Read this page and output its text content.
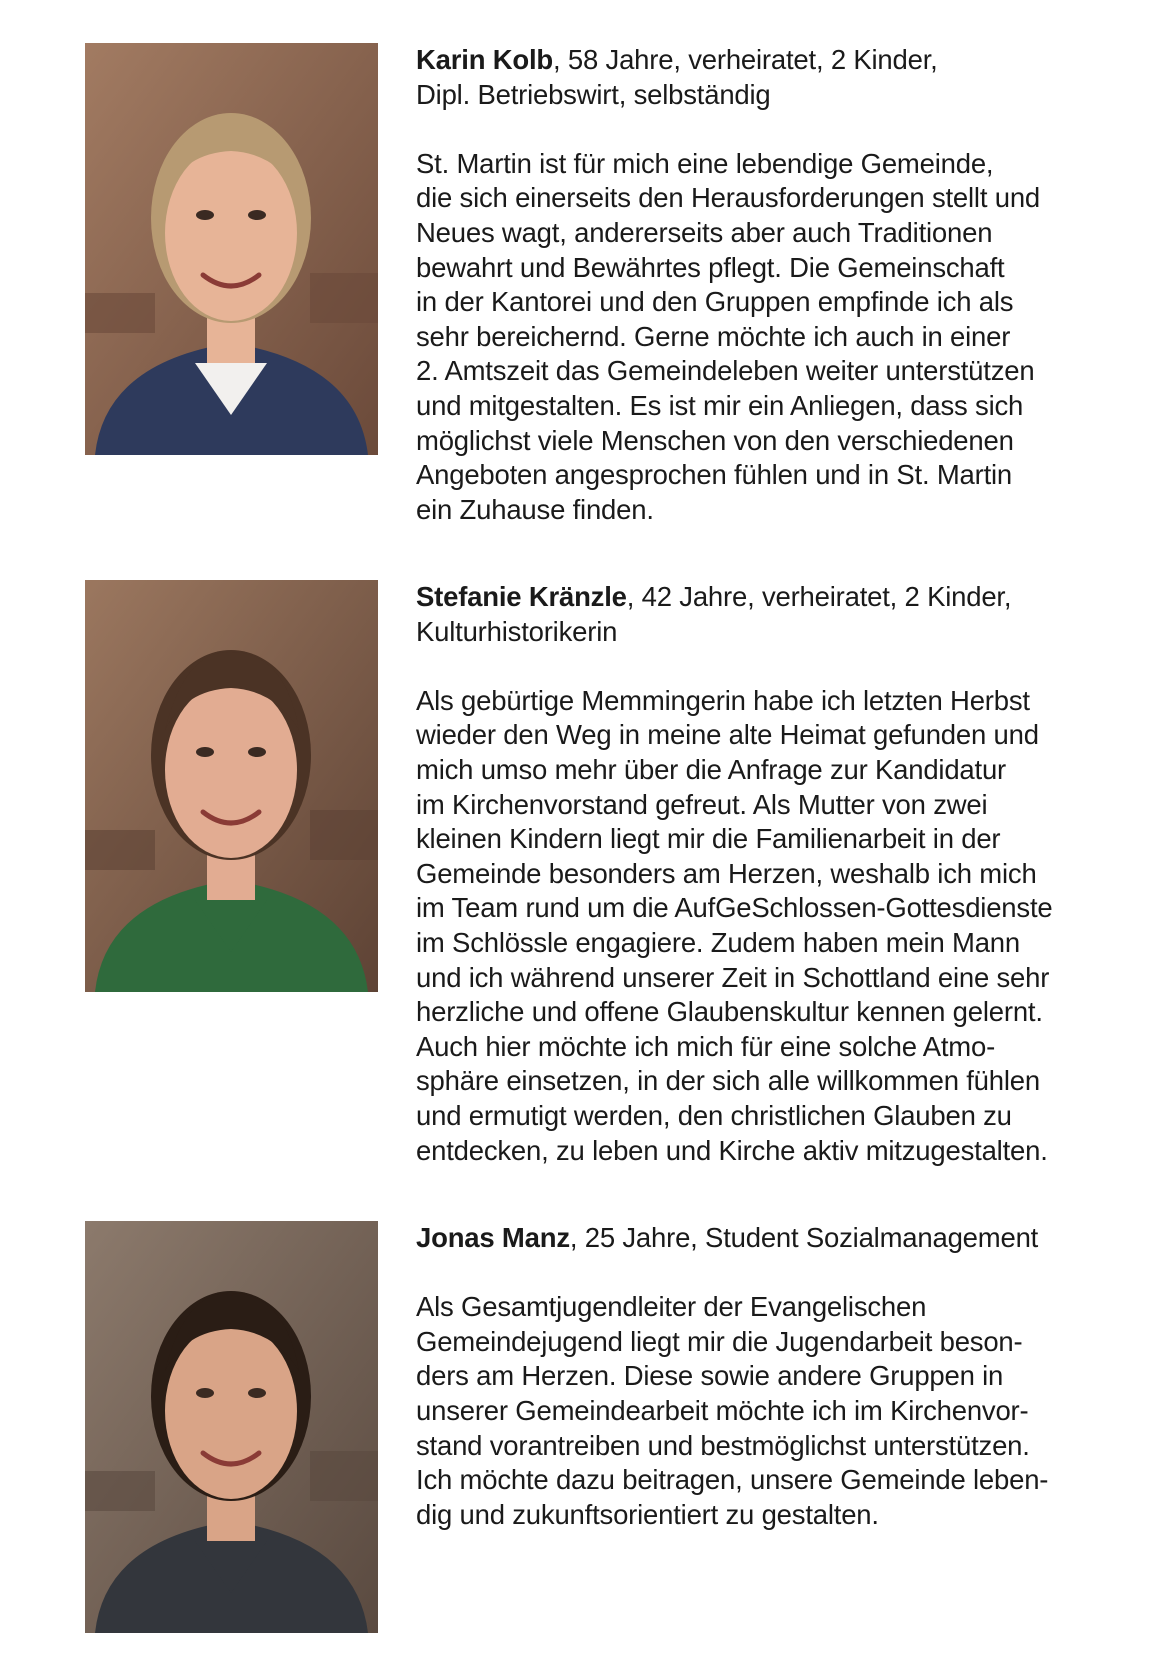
Karin Kolb, 58 Jahre, verheiratet, 2 Kinder,
Dipl. Betriebswirt, selbständig

St. Martin ist für mich eine lebendige Gemeinde,
die sich einerseits den Herausforderungen stellt und
Neues wagt, andererseits aber auch Traditionen
bewahrt und Bewährtes pflegt. Die Gemeinschaft
in der Kantorei und den Gruppen empfinde ich als
sehr bereichernd. Gerne möchte ich auch in einer
2. Amtszeit das Gemeindeleben weiter unterstützen
und mitgestalten. Es ist mir ein Anliegen, dass sich
möglichst viele Menschen von den verschiedenen
Angeboten angesprochen fühlen und in St. Martin
ein Zuhause finden.

Stefanie Kränzle, 42 Jahre, verheiratet, 2 Kinder,
Kulturhistorikerin

Als gebürtige Memmingerin habe ich letzten Herbst
wieder den Weg in meine alte Heimat gefunden und
mich umso mehr über die Anfrage zur Kandidatur
im Kirchenvorstand gefreut. Als Mutter von zwei
kleinen Kindern liegt mir die Familienarbeit in der
Gemeinde besonders am Herzen, weshalb ich mich
im Team rund um die AufGeSchlossen-Gottesdienste
im Schlössle engagiere. Zudem haben mein Mann
und ich während unserer Zeit in Schottland eine sehr
herzliche und offene Glaubenskultur kennen gelernt.
Auch hier möchte ich mich für eine solche Atmo-
sphäre einsetzen, in der sich alle willkommen fühlen
und ermutigt werden, den christlichen Glauben zu
entdecken, zu leben und Kirche aktiv mitzugestalten.

Jonas Manz, 25 Jahre, Student Sozialmanagement

Als Gesamtjugendleiter der Evangelischen
Gemeindejugend liegt mir die Jugendarbeit beson-
ders am Herzen. Diese sowie andere Gruppen in
unserer Gemeindearbeit möchte ich im Kirchenvor-
stand vorantreiben und bestmöglichst unterstützen.
Ich möchte dazu beitragen, unsere Gemeinde leben-
dig und zukunftsorientiert zu gestalten.
